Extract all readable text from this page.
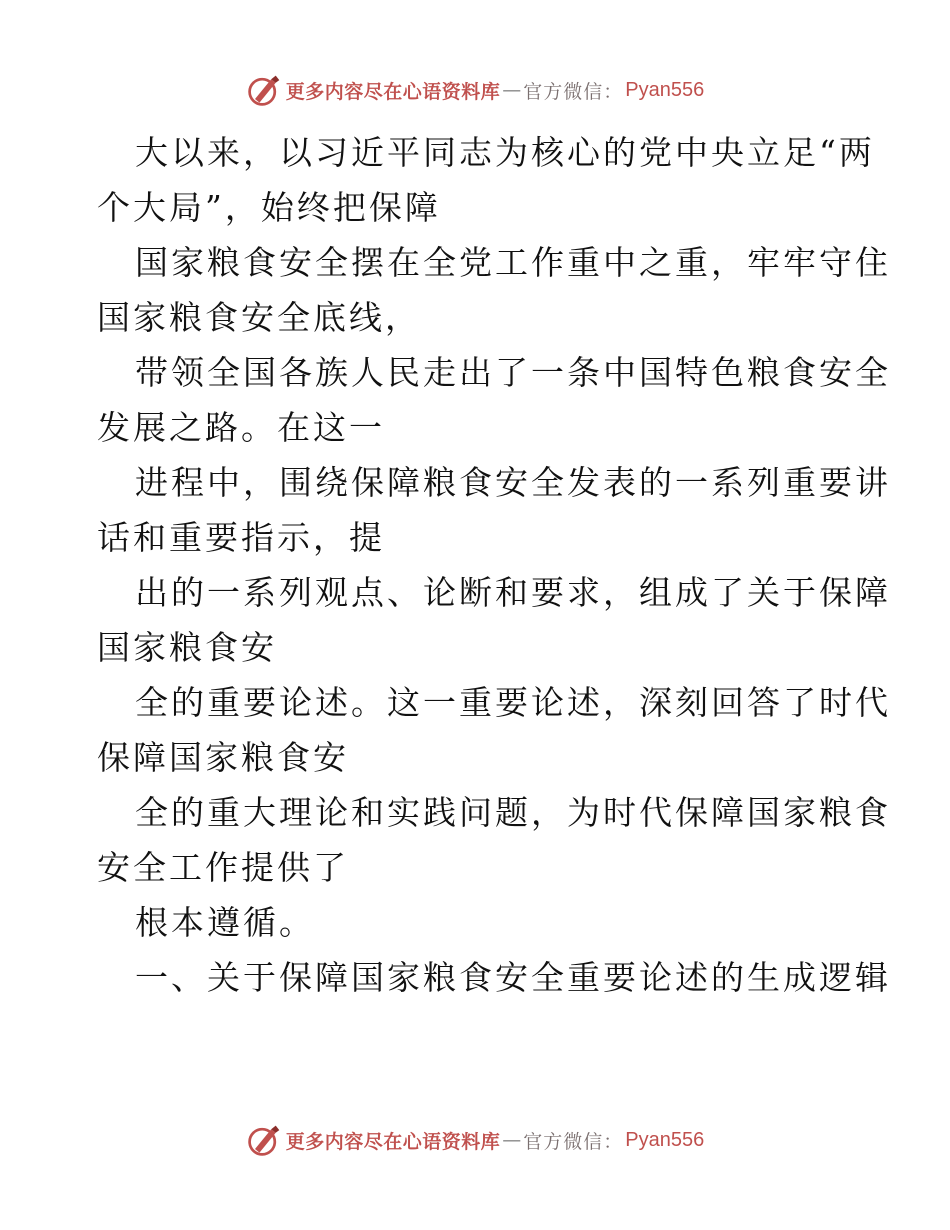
更多内容尽在心语资料库 — 官方微信： Pyan556
大以来，以习近平同志为核心的党中央立足“两
个大局”，始终把保障
国家粮食安全摆在全党工作重中之重，牢牢守住
国家粮食安全底线，
带领全国各族人民走出了一条中国特色粮食安全
发展之路。在这一
进程中，围绕保障粮食安全发表的一系列重要讲
话和重要指示，提
出的一系列观点、论断和要求，组成了关于保障
国家粮食安
全的重要论述。这一重要论述，深刻回答了时代
保障国家粮食安
全的重大理论和实践问题，为时代保障国家粮食
安全工作提供了
根本遵循。
一、关于保障国家粮食安全重要论述的生成逻辑
更多内容尽在心语资料库 — 官方微信： Pyan556
